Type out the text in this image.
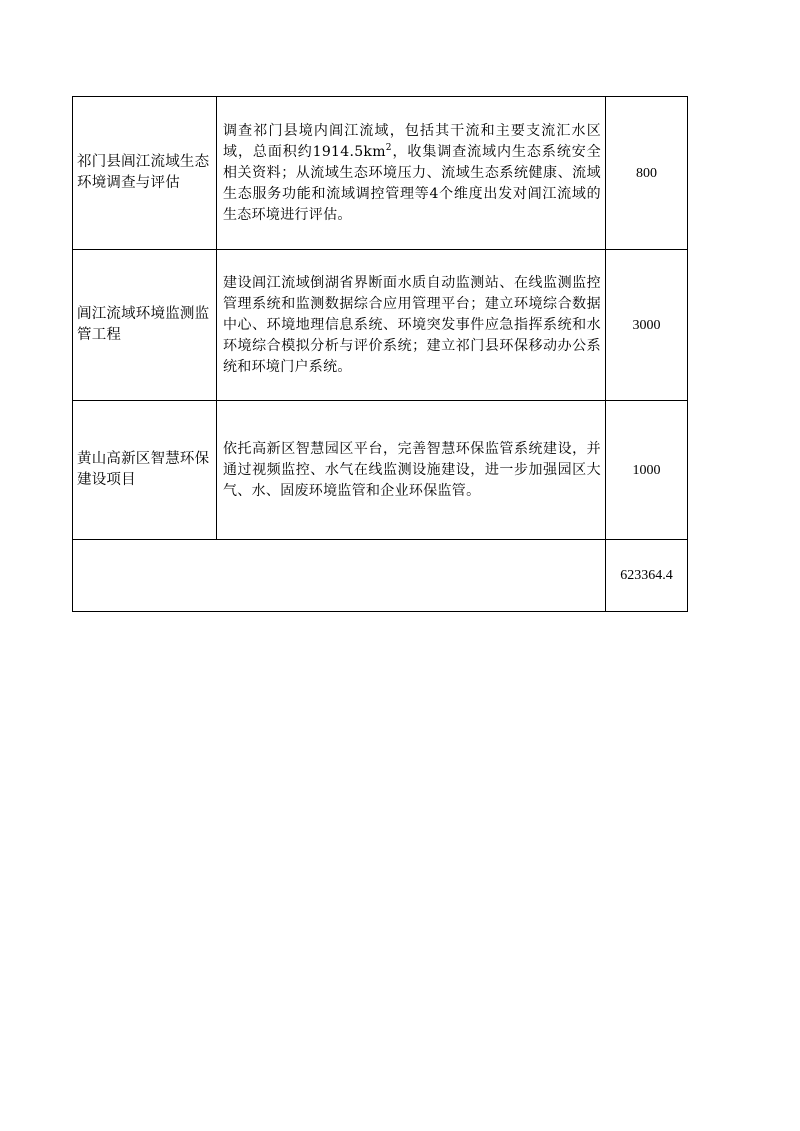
祁门县阊江流域生态环境调查与评估	调查祁门县境内阊江流域，包括其干流和主要支流汇水区域，总面积约$1914.5km^2$，收集调查流域内生态系统安全相关资料；从流域生态环境压力、流域生态系统健康、流域生态服务功能和流域调控管理等4个维度出发对阊江流域的生态环境进行评估。	800

阊江流域环境监测监管工程	建设阊江流域倒湖省界断面水质自动监测站、在线监测监控管理系统和监测数据综合应用管理平台；建立环境综合数据中心、环境地理信息系统、环境突发事件应急指挥系统和水环境综合模拟分析与评价系统；建立祁门县环保移动办公系统和环境门户系统。	3000

黄山高新区智慧环保建设项目	依托高新区智慧园区平台，完善智慧环保监管系统建设，并通过视频监控、水气在线监测设施建设，进一步加强园区大气、水、固废环境监管和企业环保监管。	1000

		623364.4
